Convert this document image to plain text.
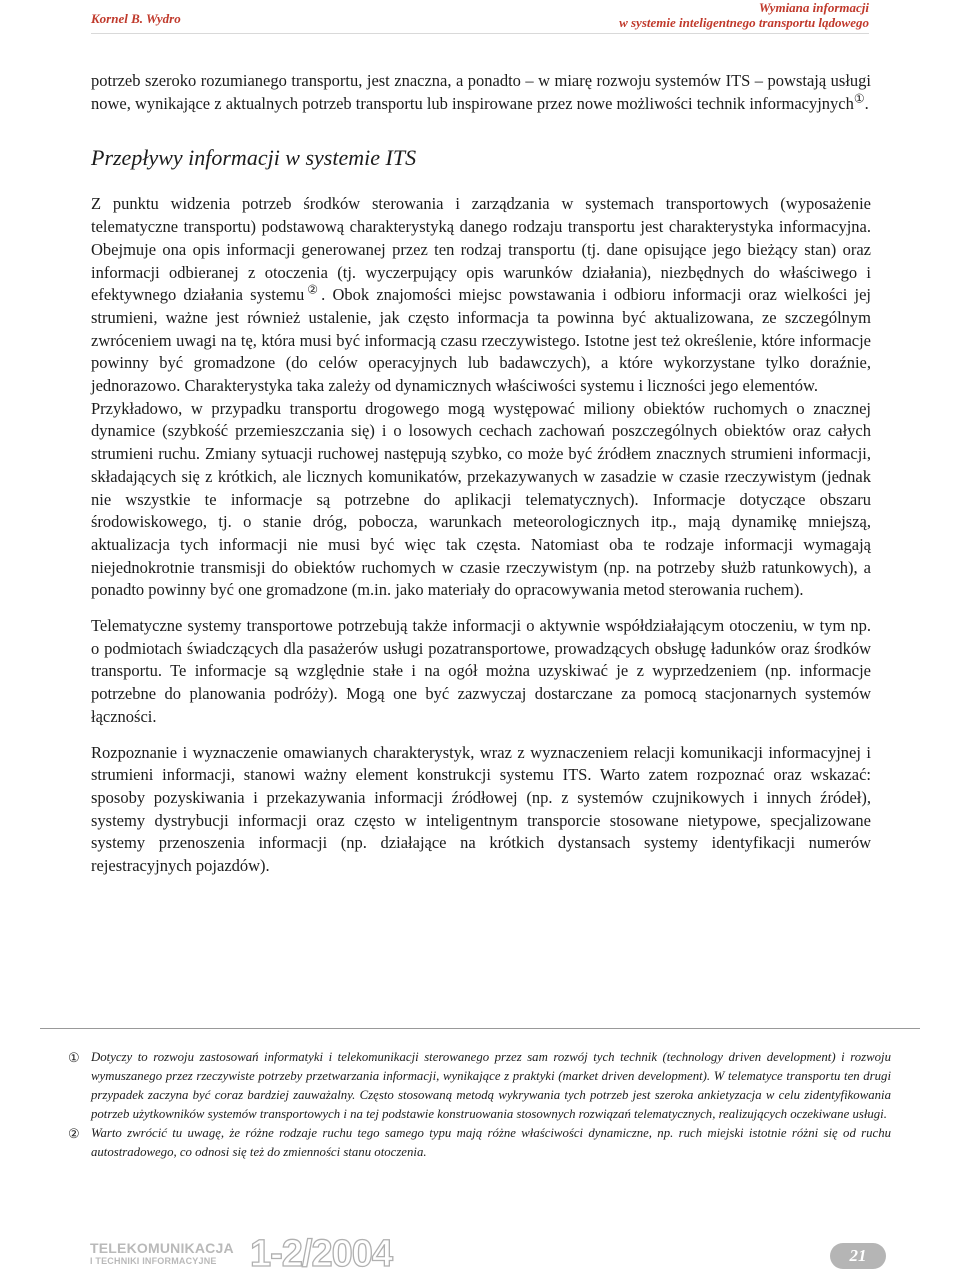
Kornel B. Wydro
Wymiana informacji
w systemie inteligentnego transportu lądowego

potrzeb szeroko rozumianego transportu, jest znaczna, a ponadto – w miarę rozwoju systemów ITS – powstają usługi nowe, wynikające z aktualnych potrzeb transportu lub inspirowane przez nowe możliwości technik informacyjnych①.

Przepływy informacji w systemie ITS

Z punktu widzenia potrzeb środków sterowania i zarządzania w systemach transportowych (wyposażenie telematyczne transportu) podstawową charakterystyką danego rodzaju transportu jest charakterystyka informacyjna. Obejmuje ona opis informacji generowanej przez ten rodzaj transportu (tj. dane opisujące jego bieżący stan) oraz informacji odbieranej z otoczenia (tj. wyczerpujący opis warunków działania), niezbędnych do właściwego i efektywnego działania systemu②. Obok znajomości miejsc powstawania i odbioru informacji oraz wielkości jej strumieni, ważne jest również ustalenie, jak często informacja ta powinna być aktualizowana, ze szczególnym zwróceniem uwagi na tę, która musi być informacją czasu rzeczywistego. Istotne jest też określenie, które informacje powinny być gromadzone (do celów operacyjnych lub badawczych), a które wykorzystane tylko doraźnie, jednorazowo. Charakterystyka taka zależy od dynamicznych właściwości systemu i liczności jego elementów.

Przykładowo, w przypadku transportu drogowego mogą występować miliony obiektów ruchomych o znacznej dynamice (szybkość przemieszczania się) i o losowych cechach zachowań poszczególnych obiektów oraz całych strumieni ruchu. Zmiany sytuacji ruchowej następują szybko, co może być źródłem znacznych strumieni informacji, składających się z krótkich, ale licznych komunikatów, przekazywanych w zasadzie w czasie rzeczywistym (jednak nie wszystkie te informacje są potrzebne do aplikacji telematycznych). Informacje dotyczące obszaru środowiskowego, tj. o stanie dróg, pobocza, warunkach meteorologicznych itp., mają dynamikę mniejszą, aktualizacja tych informacji nie musi być więc tak częsta. Natomiast oba te rodzaje informacji wymagają niejednokrotnie transmisji do obiektów ruchomych w czasie rzeczywistym (np. na potrzeby służb ratunkowych), a ponadto powinny być one gromadzone (m.in. jako materiały do opracowywania metod sterowania ruchem).

Telematyczne systemy transportowe potrzebują także informacji o aktywnie współdziałającym otoczeniu, w tym np. o podmiotach świadczących dla pasażerów usługi pozatransportowe, prowadzących obsługę ładunków oraz środków transportu. Te informacje są względnie stałe i na ogół można uzyskiwać je z wyprzedzeniem (np. informacje potrzebne do planowania podróży). Mogą one być zazwyczaj dostarczane za pomocą stacjonarnych systemów łączności.

Rozpoznanie i wyznaczenie omawianych charakterystyk, wraz z wyznaczeniem relacji komunikacji informacyjnej i strumieni informacji, stanowi ważny element konstrukcji systemu ITS. Warto zatem rozpoznać oraz wskazać: sposoby pozyskiwania i przekazywania informacji źródłowej (np. z systemów czujnikowych i innych źródeł), systemy dystrybucji informacji oraz często w inteligentnym transporcie stosowane nietypowe, specjalizowane systemy przenoszenia informacji (np. działające na krótkich dystansach systemy identyfikacji numerów rejestracyjnych pojazdów).

① Dotyczy to rozwoju zastosowań informatyki i telekomunikacji sterowanego przez sam rozwój tych technik (technology driven development) i rozwoju wymuszanego przez rzeczywiste potrzeby przetwarzania informacji, wynikające z praktyki (market driven development). W telematyce transportu ten drugi przypadek zaczyna być coraz bardziej zauważalny. Często stosowaną metodą wykrywania tych potrzeb jest szeroka ankietyzacja w celu zidentyfikowania potrzeb użytkowników systemów transportowych i na tej podstawie konstruowania stosownych rozwiązań telematycznych, realizujących oczekiwane usługi.

② Warto zwrócić tu uwagę, że różne rodzaje ruchu tego samego typu mają różne właściwości dynamiczne, np. ruch miejski istotnie różni się od ruchu autostradowego, co odnosi się też do zmienności stanu otoczenia.

TELEKOMUNIKACJA
I TECHNIKI INFORMACYJNE 1-2/2004	21
